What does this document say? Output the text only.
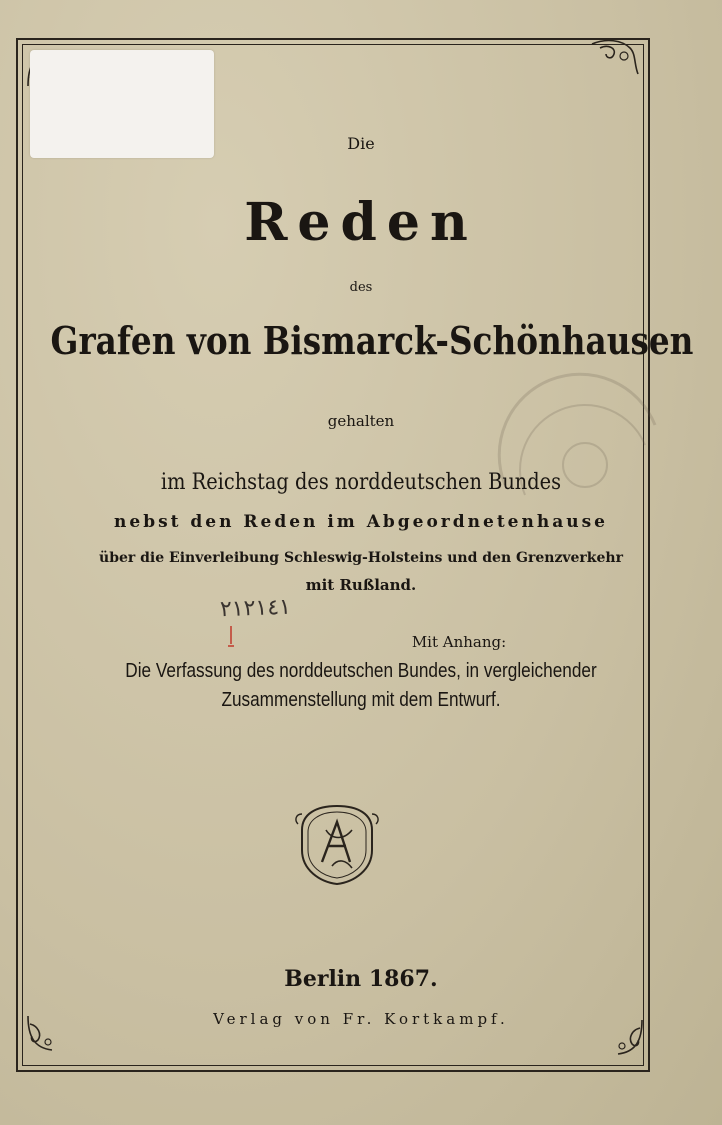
Die
Reden
des
Grafen von Bismarck-Schönhausen
gehalten
im Reichstag des norddeutschen Bundes
nebst den Reden im Abgeordnetenhause
über die Einverleibung Schleswig-Holsteins und den Grenzverkehr
mit Rußland.
٢١٢١٤١
Mit Anhang:
Die Verfassung des norddeutschen Bundes, in vergleichender
Zusammenstellung mit dem Entwurf.
Berlin 1867.
Verlag von Fr. Kortkampf.
